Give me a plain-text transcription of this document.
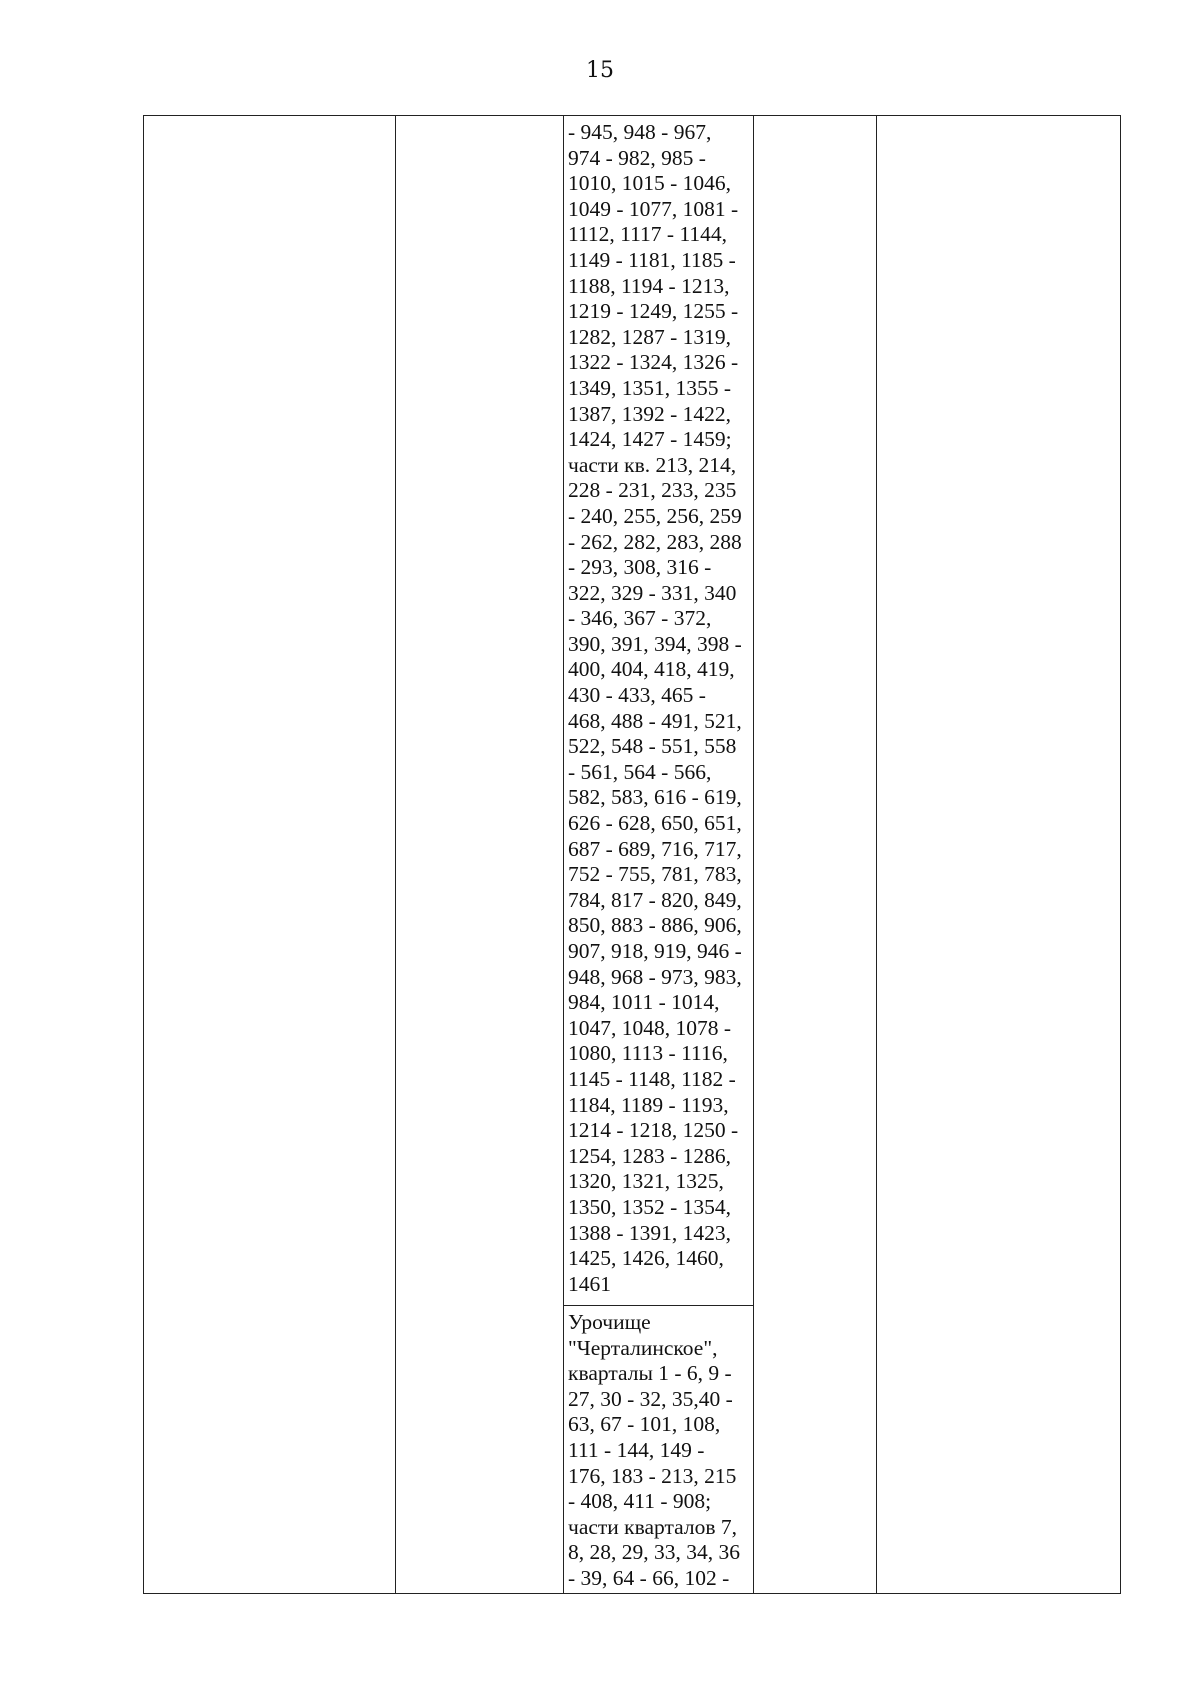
15

- 945, 948 - 967,
974 - 982, 985 -
1010, 1015 - 1046,
1049 - 1077, 1081 -
1112, 1117 - 1144,
1149 - 1181, 1185 -
1188, 1194 - 1213,
1219 - 1249, 1255 -
1282, 1287 - 1319,
1322 - 1324, 1326 -
1349, 1351, 1355 -
1387, 1392 - 1422,
1424, 1427 - 1459;
части кв. 213, 214,
228 - 231, 233, 235
- 240, 255, 256, 259
- 262, 282, 283, 288
- 293, 308, 316 -
322, 329 - 331, 340
- 346, 367 - 372,
390, 391, 394, 398 -
400, 404, 418, 419,
430 - 433, 465 -
468, 488 - 491, 521,
522, 548 - 551, 558
- 561, 564 - 566,
582, 583, 616 - 619,
626 - 628, 650, 651,
687 - 689, 716, 717,
752 - 755, 781, 783,
784, 817 - 820, 849,
850, 883 - 886, 906,
907, 918, 919, 946 -
948, 968 - 973, 983,
984, 1011 - 1014,
1047, 1048, 1078 -
1080, 1113 - 1116,
1145 - 1148, 1182 -
1184, 1189 - 1193,
1214 - 1218, 1250 -
1254, 1283 - 1286,
1320, 1321, 1325,
1350, 1352 - 1354,
1388 - 1391, 1423,
1425, 1426, 1460,
1461

Урочище
"Черталинское",
кварталы 1 - 6, 9 -
27, 30 - 32, 35,40 -
63, 67 - 101, 108,
111 - 144, 149 -
176, 183 - 213, 215
- 408, 411 - 908;
части кварталов 7,
8, 28, 29, 33, 34, 36
- 39, 64 - 66, 102 -
